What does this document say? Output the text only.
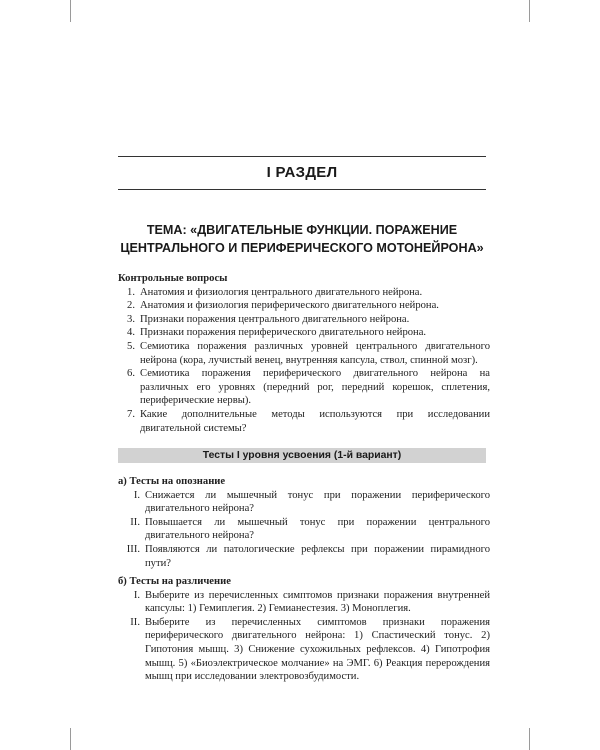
I РАЗДЕЛ
ТЕМА: «ДВИГАТЕЛЬНЫЕ ФУНКЦИИ. ПОРАЖЕНИЕ
ЦЕНТРАЛЬНОГО И ПЕРИФЕРИЧЕСКОГО МОТОНЕЙРОНА»
Контрольные вопросы
1. Анатомия и физиология центрального двигательного нейрона.
2. Анатомия и физиология периферического двигательного нейрона.
3. Признаки поражения центрального двигательного нейрона.
4. Признаки поражения периферического двигательного нейрона.
5. Семиотика поражения различных уровней центрального двигательного нейрона (кора, лучистый венец, внутренняя капсула, ствол, спинной мозг).
6. Семиотика поражения периферического двигательного нейрона на различных его уровнях (передний рог, передний корешок, сплетения, периферические нервы).
7. Какие дополнительные методы используются при исследовании двигательной системы?
Тесты I уровня усвоения (1-й вариант)
а) Тесты на опознание
I. Снижается ли мышечный тонус при поражении периферического двигательного нейрона?
II. Повышается ли мышечный тонус при поражении центрального двигательного нейрона?
III. Появляются ли патологические рефлексы при поражении пирамидного пути?
б) Тесты на различение
I. Выберите из перечисленных симптомов признаки поражения внутренней капсулы: 1) Гемиплегия. 2) Гемианестезия. 3) Моноплегия.
II. Выберите из перечисленных симптомов признаки поражения периферического двигательного нейрона: 1) Спастический тонус. 2) Гипотония мышц. 3) Снижение сухожильных рефлексов. 4) Гипотрофия мышц. 5) «Биоэлектрическое молчание» на ЭМГ. 6) Реакция перерождения мышц при исследовании электровозбудимости.
